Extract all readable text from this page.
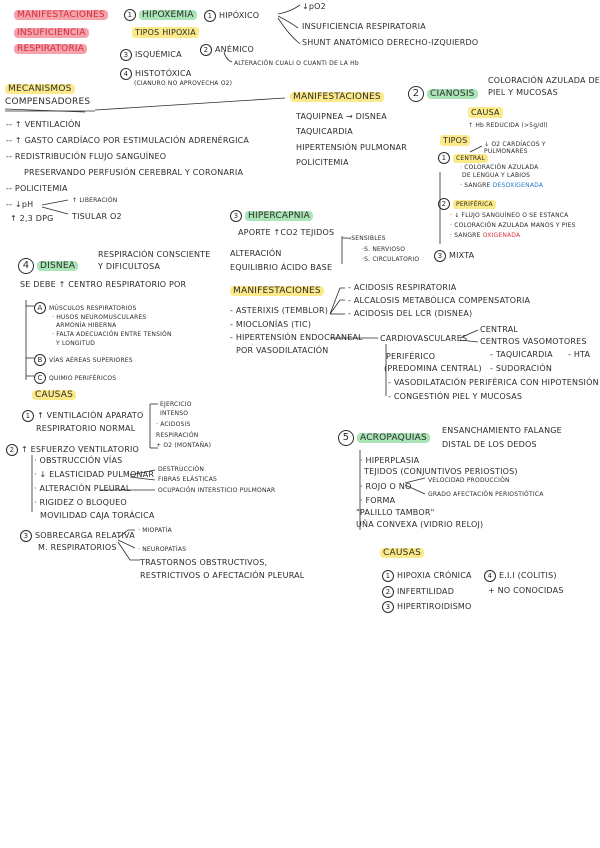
MANIFESTACIONES
INSUFICIENCIA
RESPIRATORIA
1 HIPOXEMIA
TIPOS HIPOXIA
3 ISQUÉMICA
4 HISTOTÓXICA
(CIANURO NO APROVECHA O2)
1 HIPÓXICO
↓pO2
INSUFICIENCIA RESPIRATORIA
SHUNT ANATÓMICO DERECHO-IZQUIERDO
2 ANÉMICO
ALTERACIÓN CUALI O CUANTI DE LA Hb
MECANISMOS
COMPENSADORES
-- ↑ VENTILACIÓN
-- ↑ GASTO CARDÍACO POR ESTIMULACIÓN ADRENÉRGICA
-- REDISTRIBUCIÓN FLUJO SANGUÍNEO
PRESERVANDO PERFUSIÓN CEREBRAL Y CORONARIA
-- POLICITEMIA
-- ↓pH	↑ LIBERACIÓN
↑ 2,3 DPG TISULAR O2
MANIFESTACIONES
TAQUIPNEA → DISNEA
TAQUICARDIA
HIPERTENSIÓN PULMONAR
POLICITEMIA
2 CIANOSIS
COLORACIÓN AZULADA DE
PIEL Y MUCOSAS
CAUSA
↑ Hb REDUCIDA (>5g/dl)
TIPOS
1 CENTRAL
↓ O2 CARDÍACOS Y PULMONARES
· COLORACIÓN AZULADA
DE LENGUA Y LABIOS
· SANGRE DESOXIGENADA
2 PERIFÉRICA
· ↓ FLUJO SANGUÍNEO O SE ESTANCA
· COLORACIÓN AZULADA MANOS Y PIES
· SANGRE OXIGENADA
3 MIXTA
3 HIPERCAPNIA
APORTE ↑CO2 TEJIDOS
→SENSIBLES
·S. NERVIOSO
·S. CIRCULATORIO
ALTERACIÓN
EQUILIBRIO ÁCIDO BASE
MANIFESTACIONES
- ASTERIXIS (TEMBLOR)
- MIOCLONÍAS (TIC)
- HIPERTENSIÓN ENDOCRANEAL
POR VASODILATACIÓN
- ACIDOSIS RESPIRATORIA
- ALCALOSIS METABÓLICA COMPENSATORIA
- ACIDOSIS DEL LCR (DISNEA)
CARDIOVASCULARES
CENTRAL
CENTROS VASOMOTORES
PERIFÉRICO
(PREDOMINA CENTRAL)
- TAQUICARDIA - HTA
- SUDORACIÓN
- VASODILATACIÓN PERIFÉRICA CON HIPOTENSIÓN
- CONGESTIÓN PIEL Y MUCOSAS
4 DISNEA
RESPIRACIÓN CONSCIENTE
Y DIFICULTOSA
SE DEBE ↑ CENTRO RESPIRATORIO POR
A MÚSCULOS RESPIRATORIOS
· HUSOS NEUROMUSCULARES
ARMONÍA HIBERNA
· FALTA ADECUACIÓN ENTRE TENSIÓN
Y LONGITUD
B VÍAS AÉREAS SUPERIORES
C QUIMIO PERIFÉRICOS
CAUSAS
1 ↑ VENTILACIÓN APARATO
RESPIRATORIO NORMAL
EJERCICIO
INTENSO
· ACIDOSIS
RESPIRACIÓN
+ O2 (MONTAÑA)
2 ↑ ESFUERZO VENTILATORIO
· OBSTRUCCIÓN VÍAS
· ↓ ELASTICIDAD PULMONAR
· ALTERACIÓN PLEURAL
· RIGIDEZ O BLOQUEO
MOVILIDAD CAJA TORÁCICA
DESTRUCCIÓN
FIBRAS ELÁSTICAS
OCUPACIÓN INTERSTICIO PULMONAR
3 SOBRECARGA RELATIVA
M. RESPIRATORIOS
· MIOPATÍA
· NEUROPATÍAS
TRASTORNOS OBSTRUCTIVOS,
RESTRICTIVOS O AFECTACIÓN PLEURAL
5 ACROPAQUIAS
ENSANCHAMIENTO FALANGE
DISTAL DE LOS DEDOS
· HIPERPLASIA
TEJIDOS (CONJUNTIVOS PERIOSTIOS)
· ROJO O NO
VELOCIDAD PRODUCCIÓN
GRADO AFECTACIÓN PERIOSTIÓTICA
· FORMA
"PALILLO TAMBOR"
UÑA CONVEXA (VIDRIO RELOJ)
CAUSAS
1 HIPOXIA CRÓNICA
2 INFERTILIDAD
3 HIPERTIROIDISMO
4 E.I.I (COLITIS)
+ NO CONOCIDAS
